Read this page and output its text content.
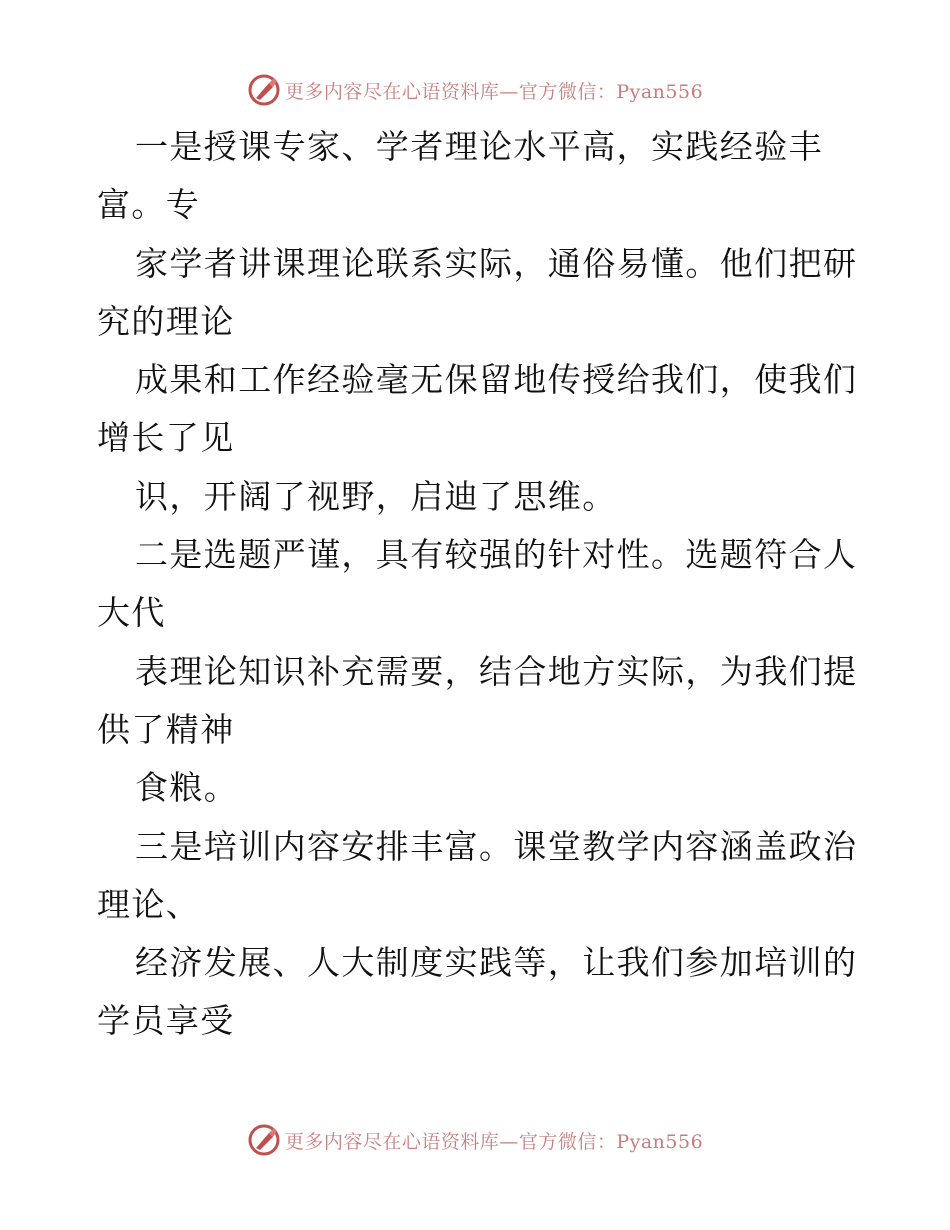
更多内容尽在心语资料库—官方微信：Pyan556
一是授课专家、学者理论水平高，实践经验丰
富。专
家学者讲课理论联系实际，通俗易懂。他们把研
究的理论
成果和工作经验毫无保留地传授给我们，使我们
增长了见
识，开阔了视野，启迪了思维。
二是选题严谨，具有较强的针对性。选题符合人
大代
表理论知识补充需要，结合地方实际，为我们提
供了精神
食粮。
三是培训内容安排丰富。课堂教学内容涵盖政治
理论、
经济发展、人大制度实践等，让我们参加培训的
学员享受
更多内容尽在心语资料库—官方微信：Pyan556
